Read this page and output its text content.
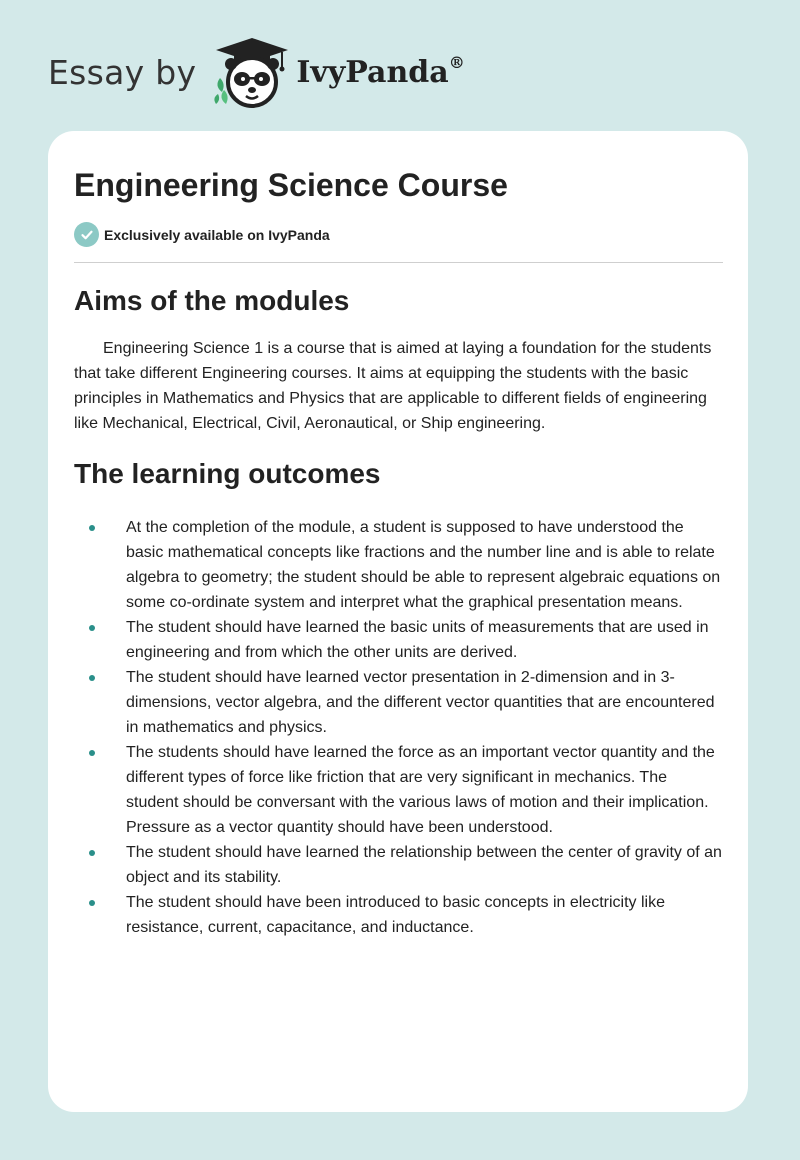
Essay by	IvyPanda®
Engineering Science Course
Exclusively available on IvyPanda
Aims of the modules

Engineering Science 1 is a course that is aimed at laying a foundation for the students that take different Engineering courses. It aims at equipping the students with the basic principles in Mathematics and Physics that are applicable to different fields of engineering like Mechanical, Electrical, Civil, Aeronautical, or Ship engineering.

The learning outcomes
At the completion of the module, a student is supposed to have understood the basic mathematical concepts like fractions and the number line and is able to relate algebra to geometry; the student should be able to represent algebraic equations on some co-ordinate system and interpret what the graphical presentation means.
The student should have learned the basic units of measurements that are used in engineering and from which the other units are derived.
The student should have learned vector presentation in 2-dimension and in 3-dimensions, vector algebra, and the different vector quantities that are encountered in mathematics and physics.
The students should have learned the force as an important vector quantity and the different types of force like friction that are very significant in mechanics. The student should be conversant with the various laws of motion and their implication. Pressure as a vector quantity should have been understood.
The student should have learned the relationship between the center of gravity of an object and its stability.
The student should have been introduced to basic concepts in electricity like resistance, current, capacitance, and inductance.
